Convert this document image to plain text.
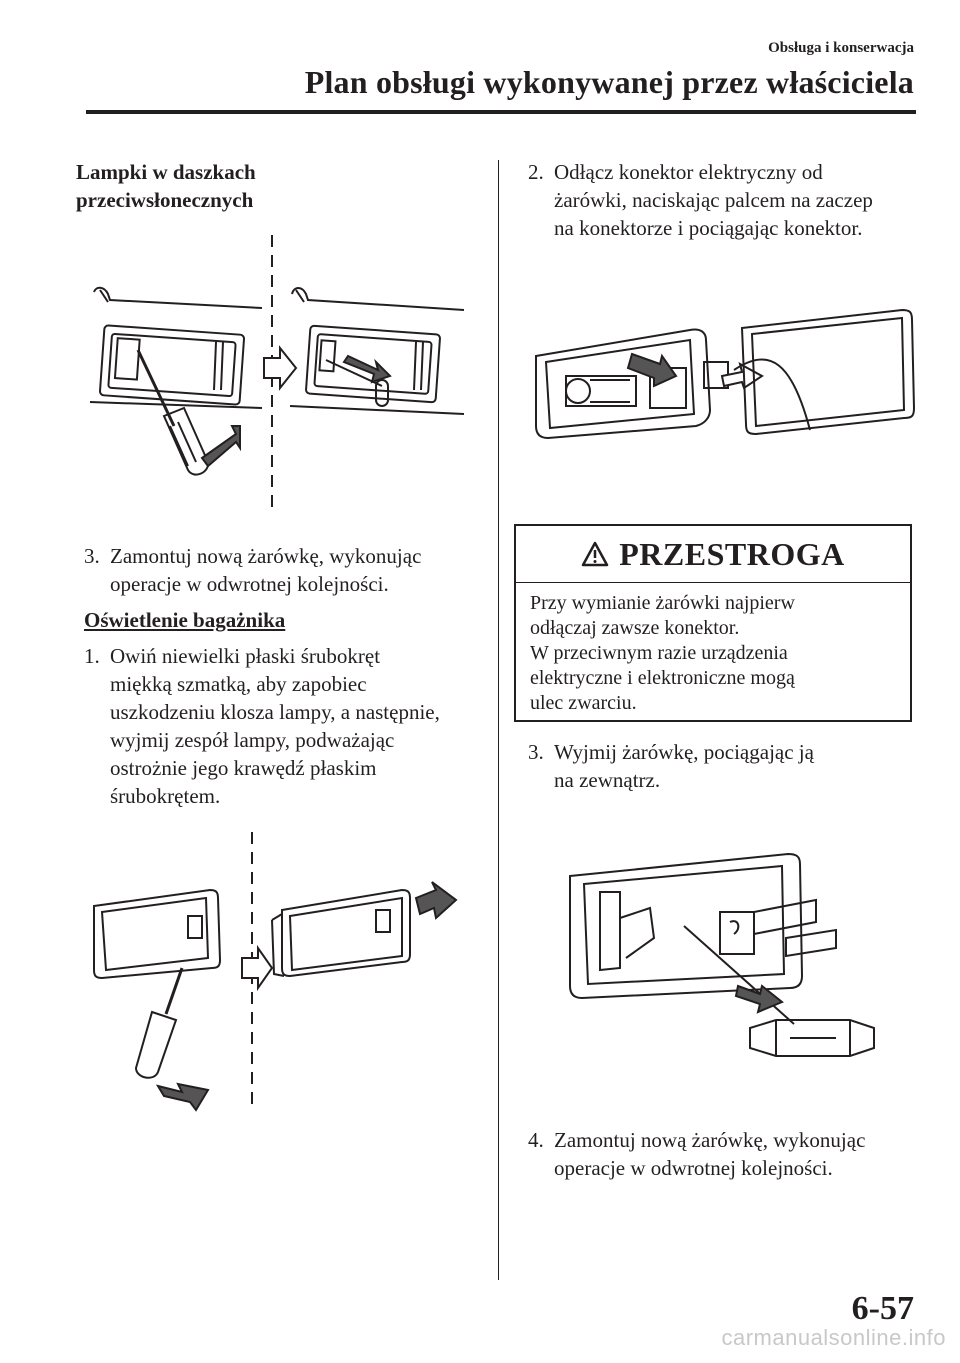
Obsługa i konserwacja
Plan obsługi wykonywanej przez właściciela
Lampki w daszkach
przeciwsłonecznych
3. Zamontuj nową żarówkę, wykonując
operacje w odwrotnej kolejności.
Oświetlenie bagażnika
1. Owiń niewielki płaski śrubokręt
miękką szmatką, aby zapobiec
uszkodzeniu klosza lampy, a następnie,
wyjmij zespół lampy, podważając
ostrożnie jego krawędź płaskim
śrubokrętem.
2. Odłącz konektor elektryczny od
żarówki, naciskając palcem na zaczep
na konektorze i pociągając konektor.
PRZESTROGA
Przy wymianie żarówki najpierw
odłączaj zawsze konektor.
W przeciwnym razie urządzenia
elektryczne i elektroniczne mogą
ulec zwarciu.
3. Wyjmij żarówkę, pociągając ją
na zewnątrz.
4. Zamontuj nową żarówkę, wykonując
operacje w odwrotnej kolejności.
6-57
carmanualsonline.info
